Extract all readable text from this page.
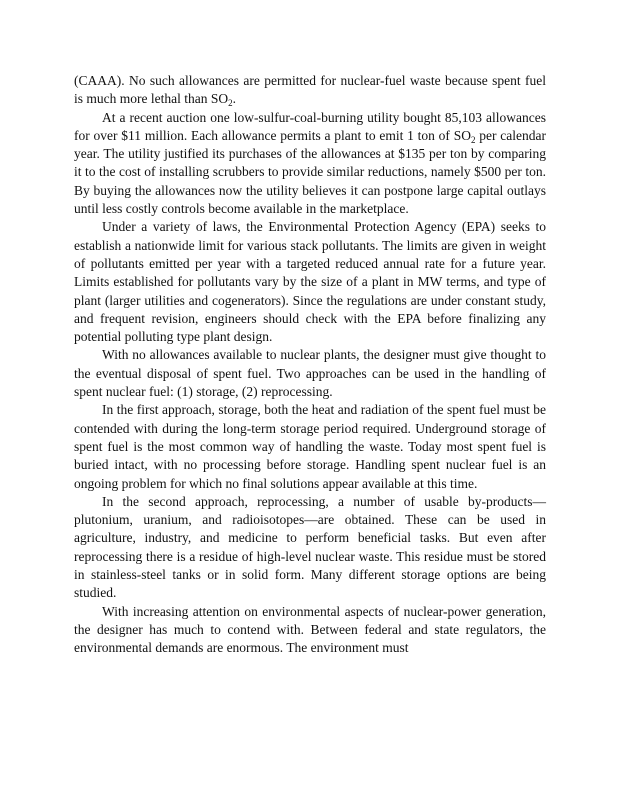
(CAAA). No such allowances are permitted for nuclear-fuel waste because spent fuel is much more lethal than $SO_2$.

At a recent auction one low-sulfur-coal-burning utility bought 85,103 allowances for over $11 million. Each allowance permits a plant to emit 1 ton of $SO_2$ per calendar year. The utility justified its purchases of the allowances at $135 per ton by comparing it to the cost of installing scrubbers to provide similar reductions, namely $500 per ton. By buying the allowances now the utility believes it can postpone large capital outlays until less costly controls become available in the marketplace.

Under a variety of laws, the Environmental Protection Agency (EPA) seeks to establish a nationwide limit for various stack pollutants. The limits are given in weight of pollutants emitted per year with a targeted reduced annual rate for a future year. Limits established for pollutants vary by the size of a plant in MW terms, and type of plant (larger utilities and cogenerators). Since the regulations are under constant study, and frequent revision, engineers should check with the EPA before finalizing any potential polluting type plant design.

With no allowances available to nuclear plants, the designer must give thought to the eventual disposal of spent fuel. Two approaches can be used in the handling of spent nuclear fuel: (1) storage, (2) reprocessing.

In the first approach, storage, both the heat and radiation of the spent fuel must be contended with during the long-term storage period required. Underground storage of spent fuel is the most common way of handling the waste. Today most spent fuel is buried intact, with no processing before storage. Handling spent nuclear fuel is an ongoing problem for which no final solutions appear available at this time.

In the second approach, reprocessing, a number of usable by-products—plutonium, uranium, and radioisotopes—are obtained. These can be used in agriculture, industry, and medicine to perform beneficial tasks. But even after reprocessing there is a residue of high-level nuclear waste. This residue must be stored in stainless-steel tanks or in solid form. Many different storage options are being studied.

With increasing attention on environmental aspects of nuclear-power generation, the designer has much to contend with. Between federal and state regulators, the environmental demands are enormous. The environment must
